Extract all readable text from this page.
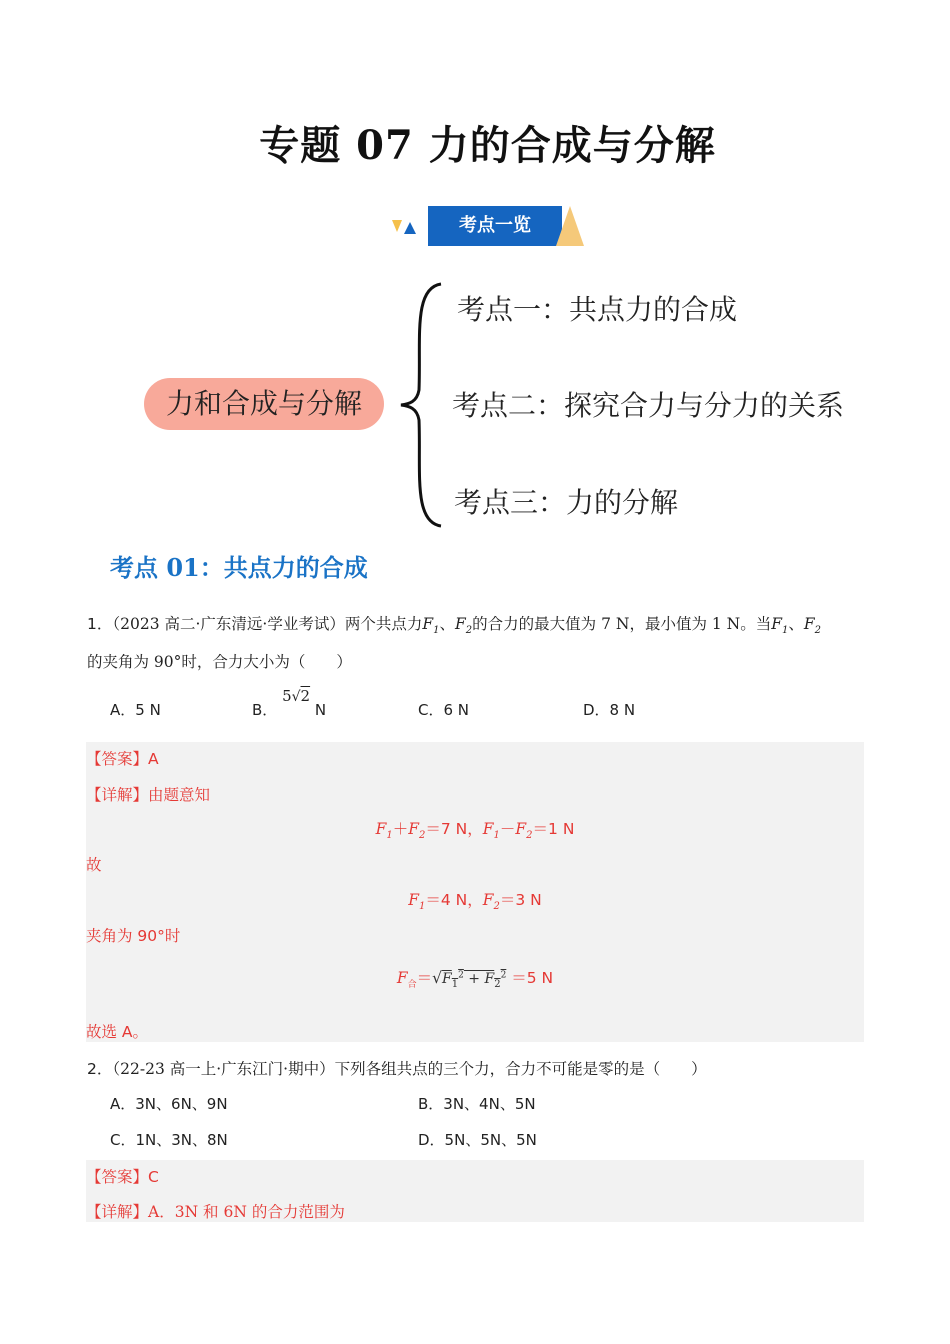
专题 07 力的合成与分解
考点一览
力和合成与分解
考点一：共点力的合成
考点二：探究合力与分力的关系
考点三：力的分解
考点 01：共点力的合成
1．（2023 高二·广东清远·学业考试）两个共点力$F_1$、$F_2$的合力的最大值为 7 N，最小值为 1 N。当$F_1$、$F_2$
的夹角为 90°时，合力大小为（　　）
A．5 N	B． 5√2 N	C．6 N	D．8 N
【答案】A
【详解】由题意知
$F_1+F_2=7$ N，$F_1-F_2=1$ N
故
$F_1=4$ N，$F_2=3$ N
夹角为 90°时
$F_合=√F_1^2 + F_2^2 =5$ N
故选 A。
2．（22-23 高一上·广东江门·期中）下列各组共点的三个力，合力不可能是零的是（　　）
A．3N、6N、9N	B．3N、4N、5N
C．1N、3N、8N	D．5N、5N、5N
【答案】C
【详解】A．3N 和 6N 的合力范围为
